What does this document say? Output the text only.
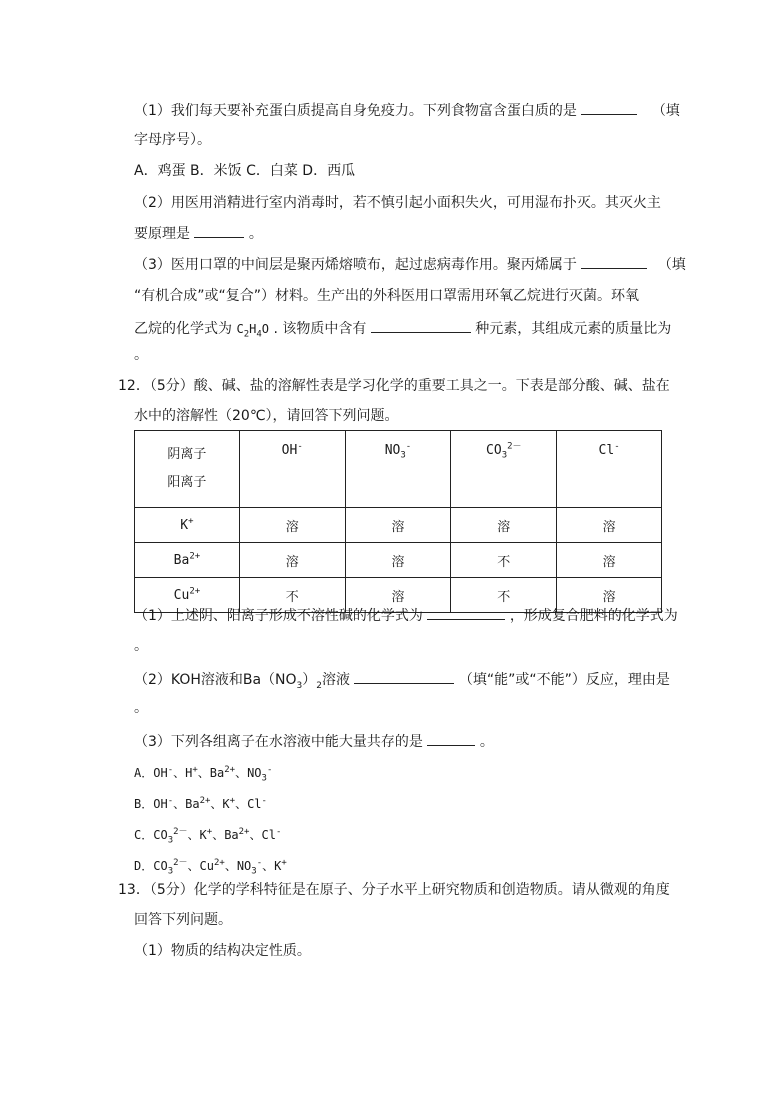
（1）我们每天要补充蛋白质提高自身免疫力。下列食物富含蛋白质的是	（填
字母序号）。
A．鸡蛋 B．米饭 C．白菜 D．西瓜
（2）用医用消精进行室内消毒时，若不慎引起小面积失火，可用湿布扑灭。其灭火主
要原理是	。
（3）医用口罩的中间层是聚丙烯熔喷布，起过虑病毒作用。聚丙烯属于	（填
“有机合成”或“复合”）材料。生产出的外科医用口罩需用环氧乙烷进行灭菌。环氧
乙烷的化学式为 $C_2H_4O$ . 该物质中含有	种元素，其组成元素的质量比为
。
12．（5分）酸、碱、盐的溶解性表是学习化学的重要工具之一。下表是部分酸、碱、盐在
水中的溶解性（20℃），请回答下列问题。
阴离子
阳离子	OH-	$NO_3^-$	$CO_3^{2-}$	Cl-
K+	溶	溶	溶	溶
$Ba^{2+}$	溶	溶	不	溶
$Cu^{2+}$	不	溶	不	溶
（1）上述阴、阳离子形成不溶性碱的化学式为	，形成复合肥料的化学式为
。
（2）KOH溶液和$Ba(NO_3)_2$溶液	（填“能”或“不能”）反应，理由是
。
（3）下列各组离子在水溶液中能大量共存的是	。
A．OH-、H+、$Ba^{2+}$、$NO_3^-$
B．OH-、$Ba^{2+}$、K+、Cl-
C．$CO_3^{2-}$、K+、$Ba^{2+}$、Cl-
D．$CO_3^{2-}$、$Cu^{2+}$、$NO_3^-$、K+
13．（5分）化学的学科特征是在原子、分子水平上研究物质和创造物质。请从微观的角度
回答下列问题。
（1）物质的结构决定性质。
